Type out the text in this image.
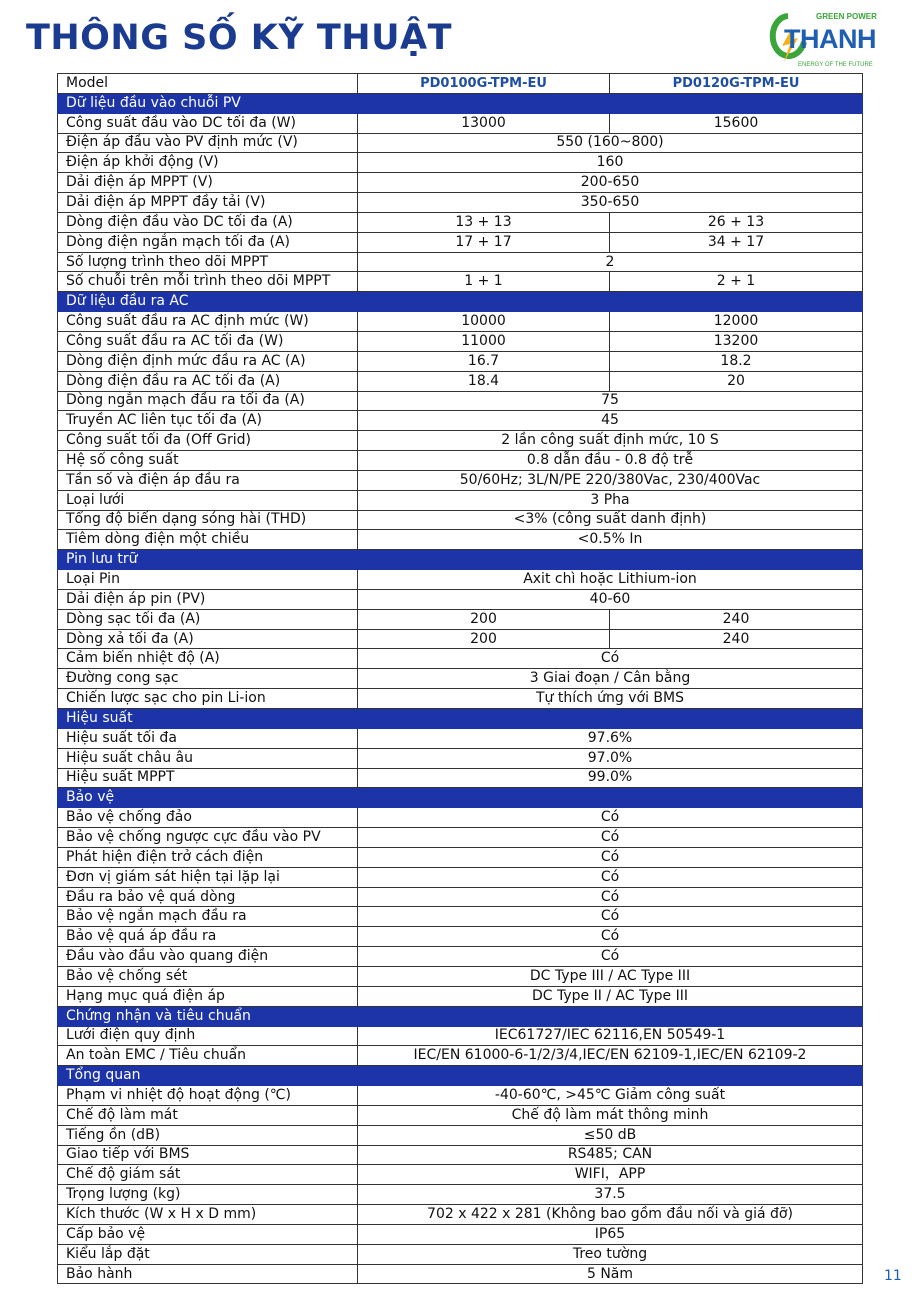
THÔNG SỐ KỸ THUẬT
GREEN POWER
THANH
ENERGY OF THE FUTURE
Model	PD0100G-TPM-EU	PD0120G-TPM-EU
Dữ liệu đầu vào chuỗi PV		
Công suất đầu vào DC tối đa (W)	13000	15600
Điện áp đầu vào PV định mức (V)	550 (160~800)	
Điện áp khởi động (V)	160	
Dải điện áp MPPT (V)	200-650	
Dải điện áp MPPT đầy tải (V)	350-650	
Dòng điện đầu vào DC tối đa (A)	13 + 13	26 + 13
Dòng điện ngắn mạch tối đa (A)	17 + 17	34 + 17
Số lượng trình theo dõi MPPT	2	
Số chuỗi trên mỗi trình theo dõi MPPT	1 + 1	2 + 1
Dữ liệu đầu ra AC		
Công suất đầu ra AC định mức (W)	10000	12000
Công suất đầu ra AC tối đa (W)	11000	13200
Dòng điện định mức đầu ra AC (A)	16.7	18.2
Dòng điện đầu ra AC tối đa (A)	18.4	20
Dòng ngắn mạch đầu ra tối đa (A)	75	
Truyền AC liên tục tối đa (A)	45	
Công suất tối đa (Off Grid)	2 lần công suất định mức, 10 S	
Hệ số công suất	0.8 dẫn đầu - 0.8 độ trễ	
Tần số và điện áp đầu ra	50/60Hz; 3L/N/PE 220/380Vac, 230/400Vac	
Loại lưới	3 Pha	
Tổng độ biến dạng sóng hài (THD)	<3% (công suất danh định)	
Tiêm dòng điện một chiều	<0.5% In	
Pin lưu trữ		
Loại Pin	Axit chì hoặc Lithium-ion	
Dải điện áp pin (PV)	40-60	
Dòng sạc tối đa (A)	200	240
Dòng xả tối đa (A)	200	240
Cảm biến nhiệt độ (A)	Có	
Đường cong sạc	3 Giai đoạn / Cân bằng	
Chiến lược sạc cho pin Li-ion	Tự thích ứng với BMS	
Hiệu suất		
Hiệu suất tối đa	97.6%	
Hiệu suất châu âu	97.0%	
Hiệu suất MPPT	99.0%	
Bảo vệ		
Bảo vệ chống đảo	Có	
Bảo vệ chống ngược cực đầu vào PV	Có	
Phát hiện điện trở cách điện	Có	
Đơn vị giám sát hiện tại lặp lại	Có	
Đầu ra bảo vệ quá dòng	Có	
Bảo vệ ngắn mạch đầu ra	Có	
Bảo vệ quá áp đầu ra	Có	
Đầu vào đầu vào quang điện	Có	
Bảo vệ chống sét	DC Type III / AC Type III	
Hạng mục quá điện áp	DC Type II / AC Type III	
Chứng nhận và tiêu chuẩn		
Lưới điện quy định	IEC61727/IEC 62116,EN 50549-1	
An toàn EMC / Tiêu chuẩn	IEC/EN 61000-6-1/2/3/4,IEC/EN 62109-1,IEC/EN 62109-2	
Tổng quan		
Phạm vi nhiệt độ hoạt động (℃)	-40-60℃, >45℃ Giảm công suất	
Chế độ làm mát	Chế độ làm mát thông minh	
Tiếng ồn (dB)	≤50 dB	
Giao tiếp với BMS	RS485; CAN	
Chế độ giám sát	WIFI，APP	
Trọng lượng (kg)	37.5	
Kích thước (W x H x D mm)	702 x 422 x 281 (Không bao gồm đầu nối và giá đỡ)	
Cấp bảo vệ	IP65	
Kiểu lắp đặt	Treo tường	
Bảo hành	5 Năm		11
